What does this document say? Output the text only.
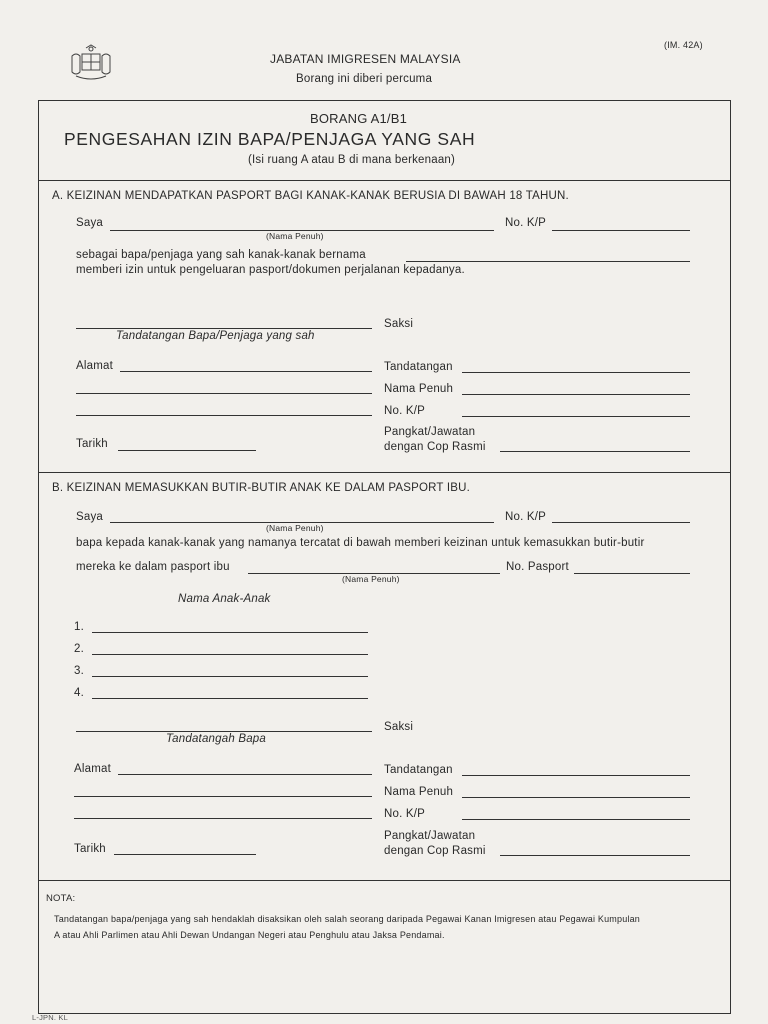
JABATAN IMIGRESEN MALAYSIA
Borang ini diberi percuma
(IM. 42A)
BORANG A1/B1
PENGESAHAN IZIN BAPA/PENJAGA YANG SAH
(Isi ruang A atau B di mana berkenaan)
A. KEIZINAN MENDAPATKAN PASPORT BAGI KANAK-KANAK BERUSIA DI BAWAH 18 TAHUN.
Saya
(Nama Penuh)
No. K/P
sebagai bapa/penjaga yang sah kanak-kanak bernama
memberi izin untuk pengeluaran pasport/dokumen perjalanan kepadanya.
Tandatangan Bapa/Penjaga yang sah
Saksi
Alamat	Tandatangan
Nama Penuh
No. K/P
Tarikh
Pangkat/Jawatan
dengan Cop Rasmi
B. KEIZINAN MEMASUKKAN BUTIR-BUTIR ANAK KE DALAM PASPORT IBU.
Saya
(Nama Penuh)
No. K/P
bapa kepada kanak-kanak yang namanya tercatat di bawah memberi keizinan untuk kemasukkan butir-butir
mereka ke dalam pasport ibu
(Nama Penuh)
No. Pasport
Nama Anak-Anak
1.
2.
3.
4.
Tandatangah Bapa
Saksi
Alamat	Tandatangan
Nama Penuh
No. K/P
Tarikh
Pangkat/Jawatan
dengan Cop Rasmi
NOTA:
Tandatangan bapa/penjaga yang sah hendaklah disaksikan oleh salah seorang daripada Pegawai Kanan Imigresen atau Pegawai Kumpulan
A atau Ahli Parlimen atau Ahli Dewan Undangan Negeri atau Penghulu atau Jaksa Pendamai.
L-JPN. KL
